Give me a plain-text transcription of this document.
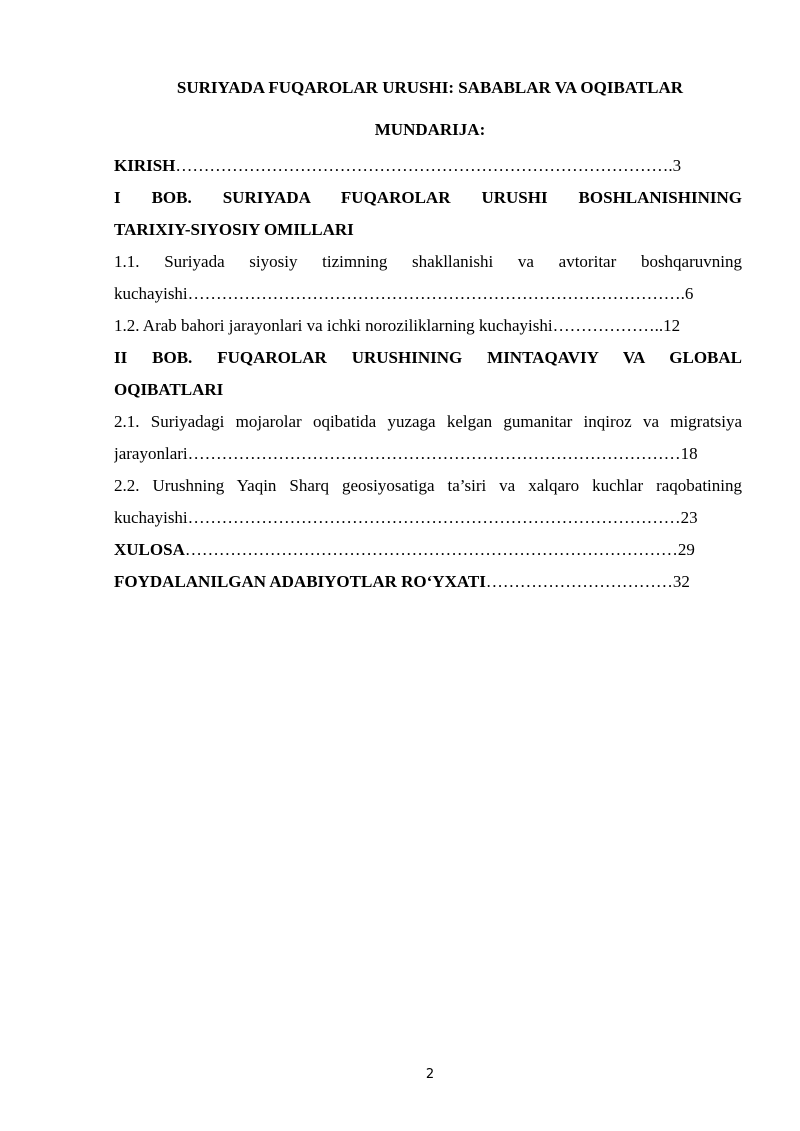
SURIYADA FUQAROLAR URUSHI: SABABLAR VA OQIBATLAR
MUNDARIJA:
KIRISH…………………………………………………………………………….3
I BOB. SURIYADA FUQAROLAR URUSHI BOSHLANISHINING
TARIXIY-SIYOSIY OMILLARI
1.1. Suriyada siyosiy tizimning shakllanishi va avtoritar boshqaruvning
kuchayishi…………………………………………………………………………….6
1.2. Arab bahori jarayonlari va ichki noroziliklarning kuchayishi………………..12
II BOB. FUQAROLAR URUSHINING MINTAQAVIY VA GLOBAL
OQIBATLARI
2.1. Suriyadagi mojarolar oqibatida yuzaga kelgan gumanitar inqiroz va migratsiya
jarayonlari……………………………………………………………………………18
2.2. Urushning Yaqin Sharq geosiyosatiga ta’siri va xalqaro kuchlar raqobatining
kuchayishi……………………………………………………………………………23
XULOSA……………………………………………………………………………29
FOYDALANILGAN ADABIYOTLAR RO‘YXATI……………………………32
2
